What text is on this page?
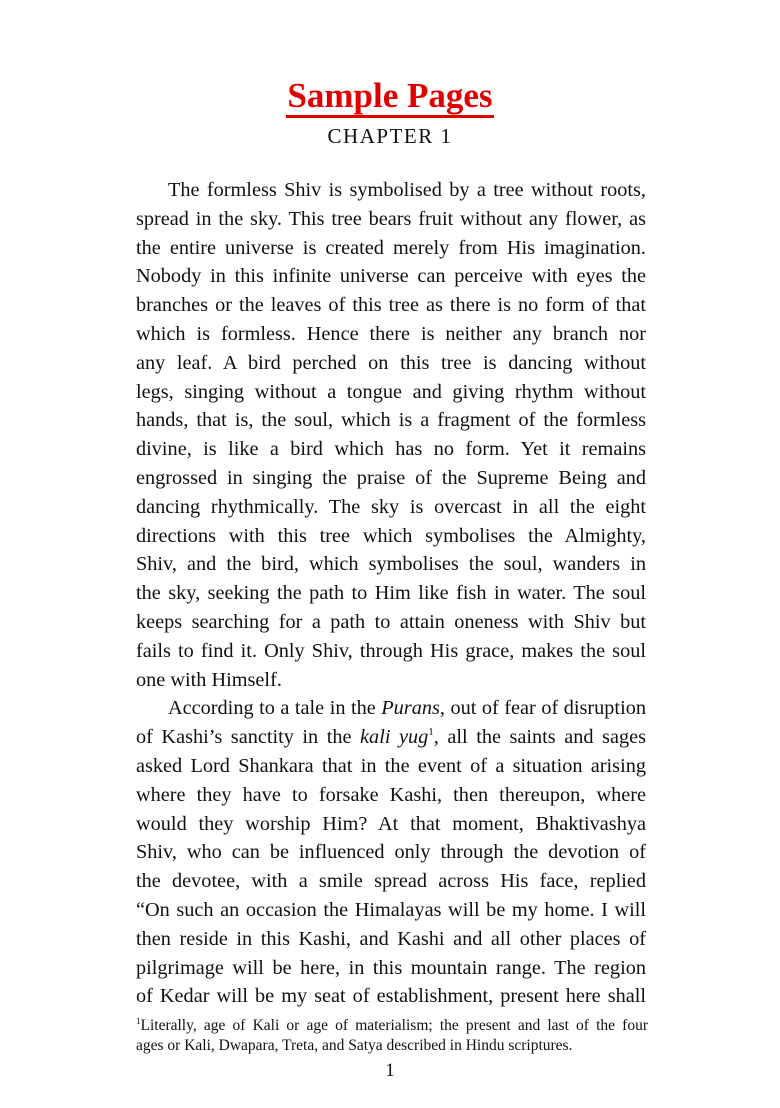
Sample Pages
CHAPTER 1
The formless Shiv is symbolised by a tree without roots,
spread in the sky. This tree bears fruit without any flower, as
the entire universe is created merely from His imagination.
Nobody in this infinite universe can perceive with eyes the
branches or the leaves of this tree as there is no form of that
which is formless. Hence there is neither any branch nor
any leaf. A bird perched on this tree is dancing without
legs, singing without a tongue and giving rhythm without
hands, that is, the soul, which is a fragment of the formless
divine, is like a bird which has no form. Yet it remains
engrossed in singing the praise of the Supreme Being and
dancing rhythmically. The sky is overcast in all the eight
directions with this tree which symbolises the Almighty,
Shiv, and the bird, which symbolises the soul, wanders in
the sky, seeking the path to Him like fish in water. The soul
keeps searching for a path to attain oneness with Shiv but
fails to find it. Only Shiv, through His grace, makes the soul
one with Himself.
According to a tale in the Purans, out of fear of disruption
of Kashi’s sanctity in the kali yug$^1$, all the saints and sages
asked Lord Shankara that in the event of a situation arising
where they have to forsake Kashi, then thereupon, where
would they worship Him? At that moment, Bhaktivashya
Shiv, who can be influenced only through the devotion of
the devotee, with a smile spread across His face, replied
“On such an occasion the Himalayas will be my home. I will
then reside in this Kashi, and Kashi and all other places of
pilgrimage will be here, in this mountain range. The region
of Kedar will be my seat of establishment, present here shall
$^1$Literally, age of Kali or age of materialism; the present and last of the four
ages or Kali, Dwapara, Treta, and Satya described in Hindu scriptures.
1
